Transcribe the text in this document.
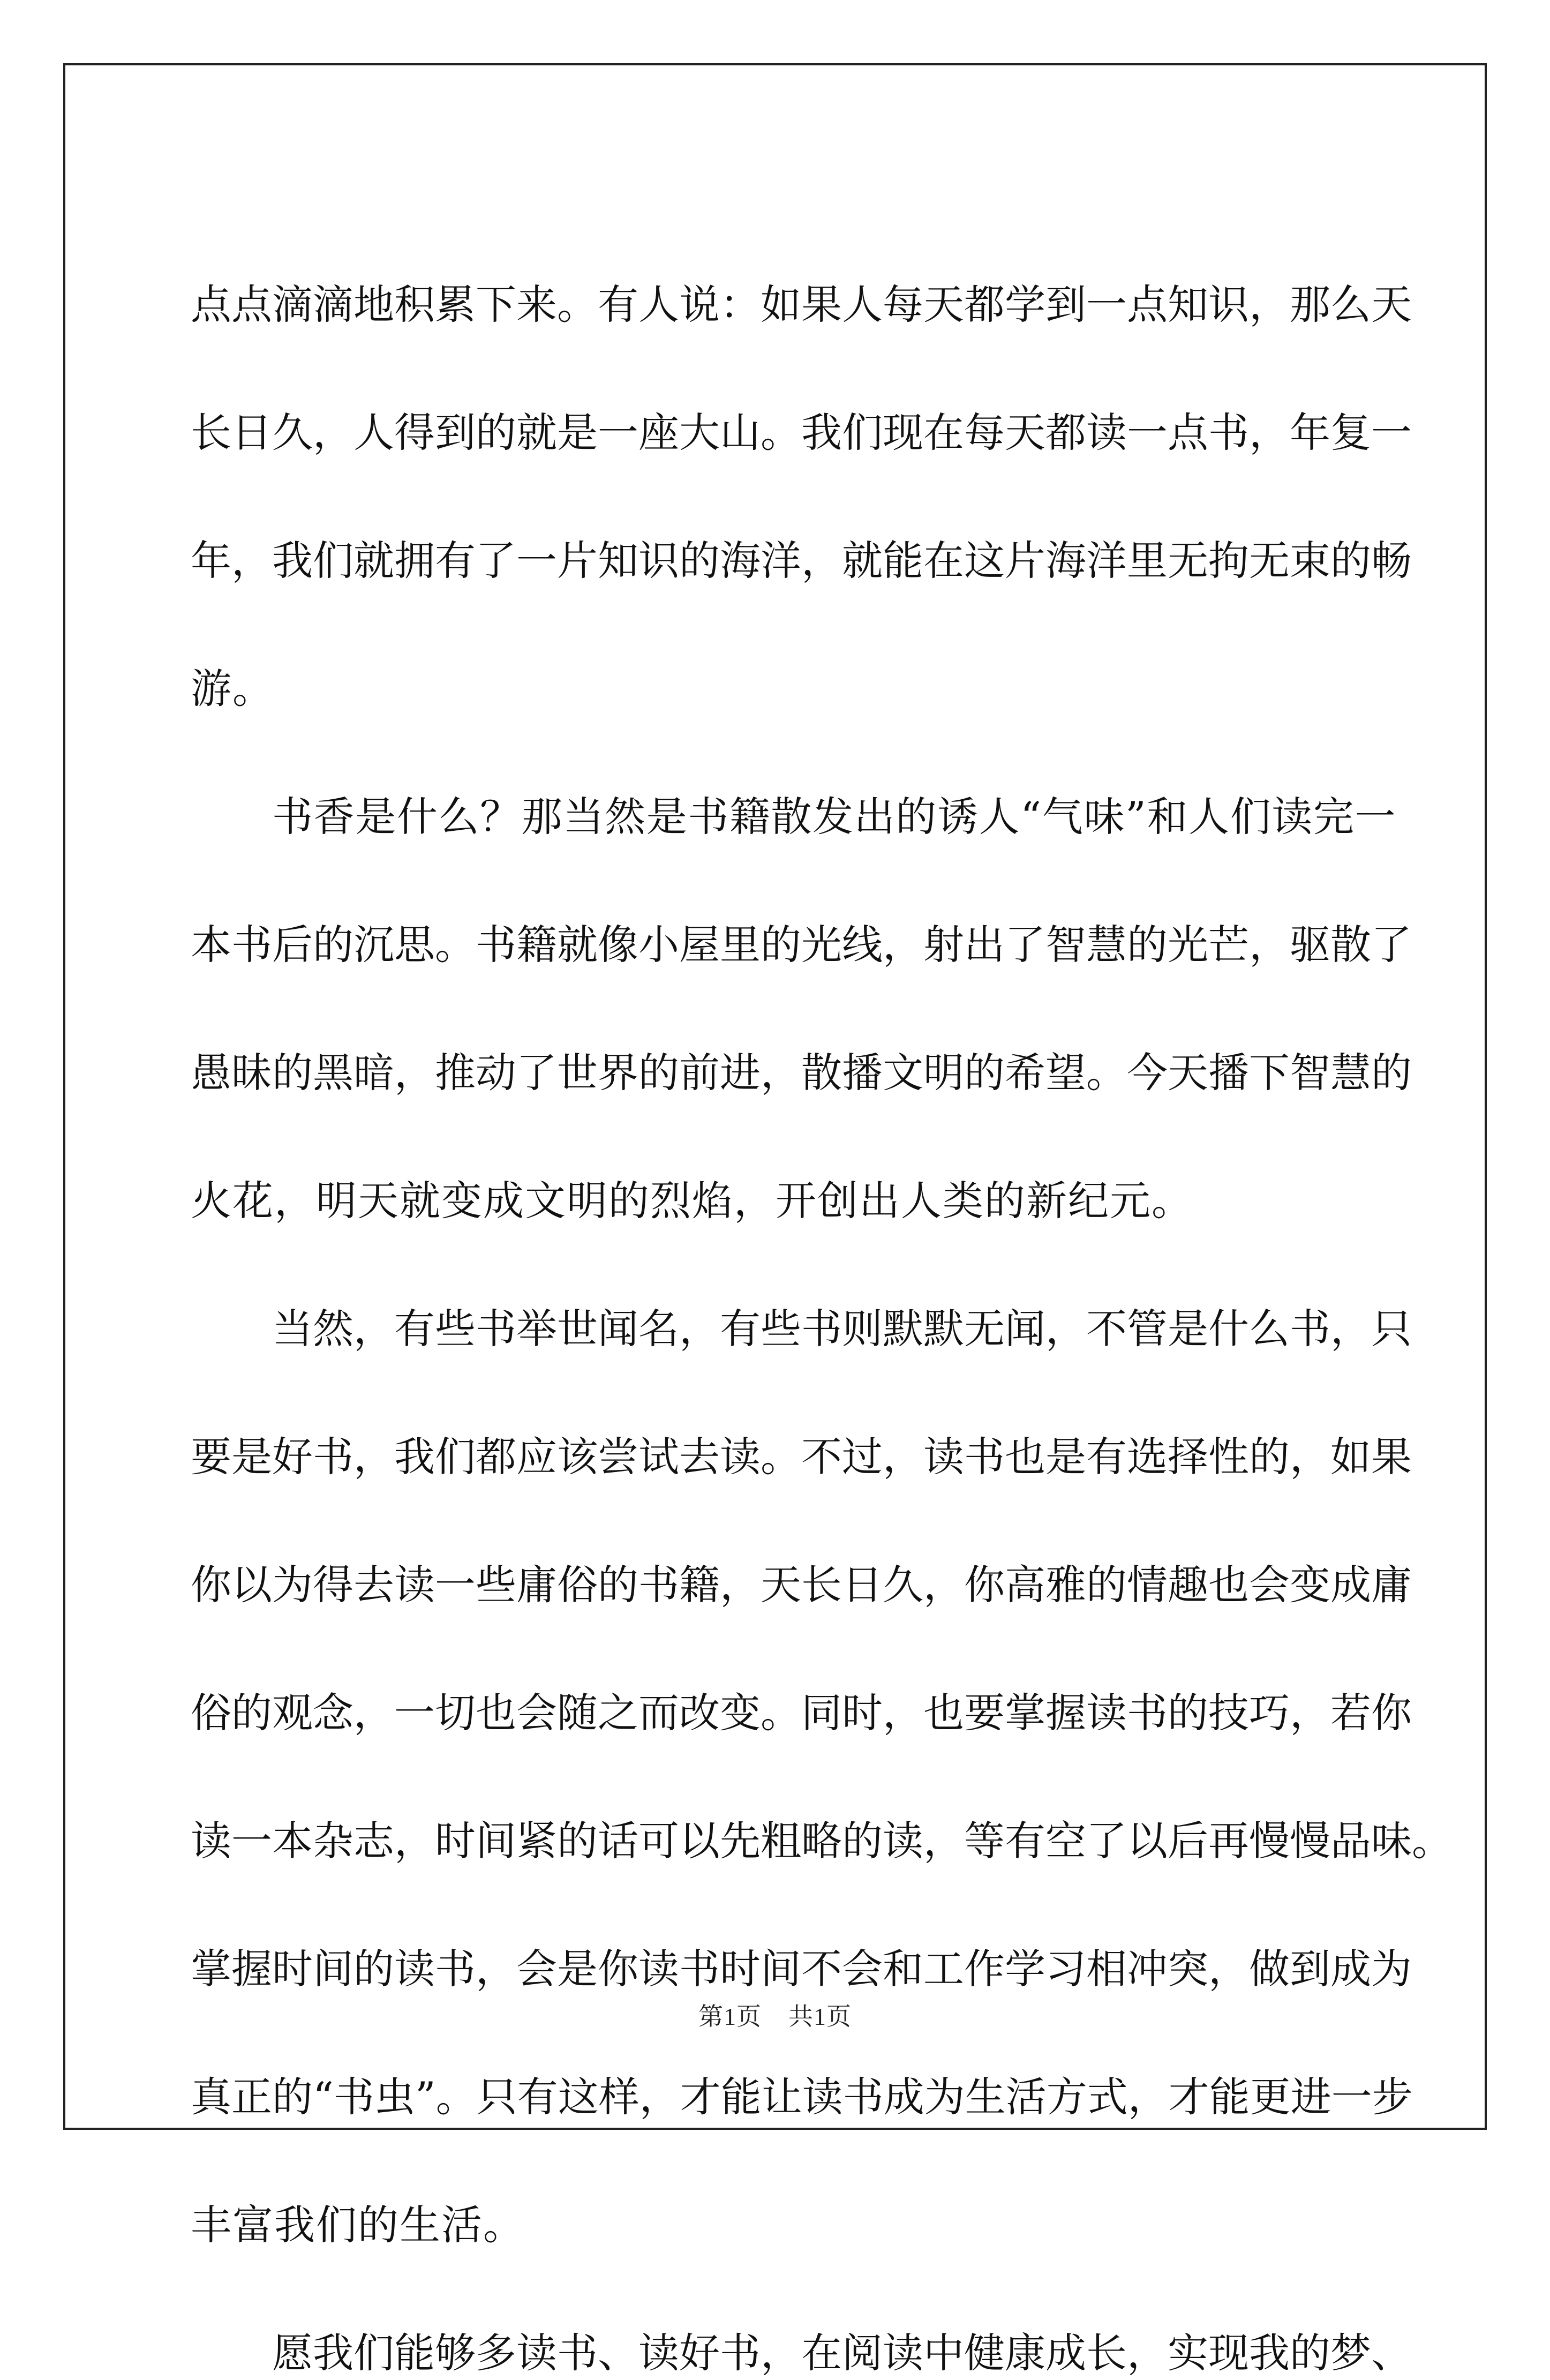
点 点 滴 滴 地 积 累 下 来 。 有 人 说 ： 如 果 人 每 天 都 学 到 一 点 知 识 ， 那 么 天
长 日 久 ， 人 得 到 的 就 是 一 座 大 山 。 我 们 现 在 每 天 都 读 一 点 书 ， 年 复 一
年 ， 我 们 就 拥 有 了 一 片 知 识 的 海 洋 ， 就 能 在 这 片 海 洋 里 无 拘 无 束 的 畅
游。
书 香 是 什 么 ？ 那 当 然 是 书 籍 散 发 出 的 诱 人 “ 气 味 ” 和 人 们 读 完 一
本 书 后 的 沉 思 。 书 籍 就 像 小 屋 里 的 光 线 ， 射 出 了 智 慧 的 光 芒 ， 驱 散 了
愚 昧 的 黑 暗 ， 推 动 了 世 界 的 前 进 ， 散 播 文 明 的 希 望 。 今 天 播 下 智 慧 的
火花，明天就变成文明的烈焰，开创出人类的新纪元。
当 然 ， 有 些 书 举 世 闻 名 ， 有 些 书 则 默 默 无 闻 ， 不 管 是 什 么 书 ， 只
要 是 好 书 ， 我 们 都 应 该 尝 试 去 读 。 不 过 ， 读 书 也 是 有 选 择 性 的 ， 如 果
你 以 为 得 去 读 一 些 庸 俗 的 书 籍 ， 天 长 日 久 ， 你 高 雅 的 情 趣 也 会 变 成 庸
俗 的 观 念 ， 一 切 也 会 随 之 而 改 变 。 同 时 ， 也 要 掌 握 读 书 的 技 巧 ， 若 你
读 一 本 杂 志 ， 时 间 紧 的 话 可 以 先 粗 略 的 读 ， 等 有 空 了 以 后 再 慢 慢 品 味 。
掌 握 时 间 的 读 书 ， 会 是 你 读 书 时 间 不 会 和 工 作 学 习 相 冲 突 ， 做 到 成 为
真 正 的 “ 书 虫 ” 。 只 有 这 样 ， 才 能 让 读 书 成 为 生 活 方 式 ， 才 能 更 进 一 步
丰富我们的生活。
愿 我 们 能 够 多 读 书 、 读 好 书 ， 在 阅 读 中 健 康 成 长 ， 实 现 我 的 梦 、
第1页 共1页
